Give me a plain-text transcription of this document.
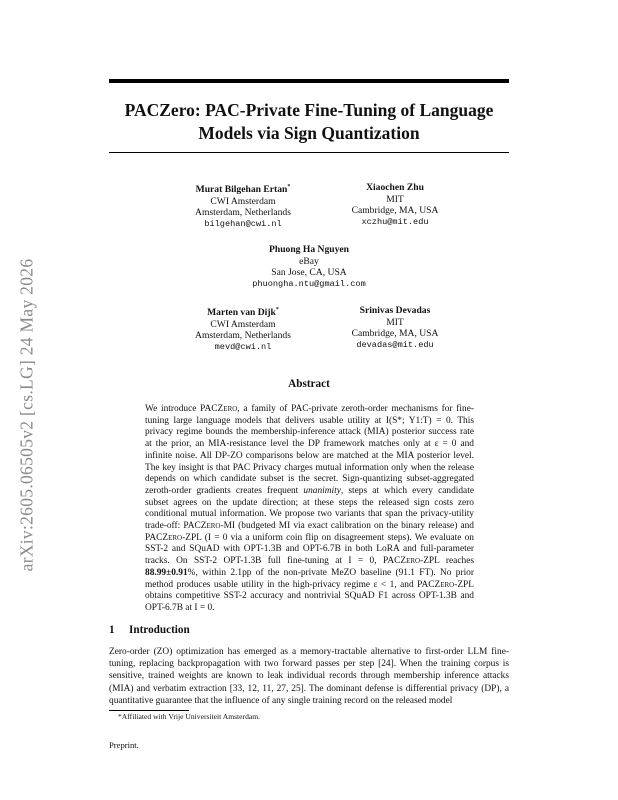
arXiv:2605.06505v2 [cs.LG] 24 May 2026
PACZero: PAC-Private Fine-Tuning of Language
Models via Sign Quantization
Murat Bilgehan Ertan*
CWI Amsterdam
Amsterdam, Netherlands
bilgehan@cwi.nl
Xiaochen Zhu
MIT
Cambridge, MA, USA
xczhu@mit.edu
Phuong Ha Nguyen
eBay
San Jose, CA, USA
phuongha.ntu@gmail.com
Marten van Dijk*
CWI Amsterdam
Amsterdam, Netherlands
mevd@cwi.nl
Srinivas Devadas
MIT
Cambridge, MA, USA
devadas@mit.edu
Abstract
We introduce PACZero, a family of PAC-private zeroth-order mechanisms for fine-tuning large language models that delivers usable utility at I(S*; Y1:T) = 0. This privacy regime bounds the membership-inference attack (MIA) posterior success rate at the prior, an MIA-resistance level the DP framework matches only at ε = 0 and infinite noise. All DP-ZO comparisons below are matched at the MIA posterior level. The key insight is that PAC Privacy charges mutual information only when the release depends on which candidate subset is the secret. Sign-quantizing subset-aggregated zeroth-order gradients creates frequent unanimity, steps at which every candidate subset agrees on the update direction; at these steps the released sign costs zero conditional mutual information. We propose two variants that span the privacy-utility trade-off: PACZero-MI (budgeted MI via exact calibration on the binary release) and PACZero-ZPL (I = 0 via a uniform coin flip on disagreement steps). We evaluate on SST-2 and SQuAD with OPT-1.3B and OPT-6.7B in both LoRA and full-parameter tracks. On SST-2 OPT-1.3B full fine-tuning at I = 0, PACZero-ZPL reaches 88.99±0.91%, within 2.1pp of the non-private MeZO baseline (91.1 FT). No prior method produces usable utility in the high-privacy regime ε < 1, and PACZero-ZPL obtains competitive SST-2 accuracy and nontrivial SQuAD F1 across OPT-1.3B and OPT-6.7B at I = 0.
1 Introduction
Zero-order (ZO) optimization has emerged as a memory-tractable alternative to first-order LLM fine-tuning, replacing backpropagation with two forward passes per step [24]. When the training corpus is sensitive, trained weights are known to leak individual records through membership inference attacks (MIA) and verbatim extraction [33, 12, 11, 27, 25]. The dominant defense is differential privacy (DP), a quantitative guarantee that the influence of any single training record on the released model
*Affiliated with Vrije Universiteit Amsterdam.
Preprint.
